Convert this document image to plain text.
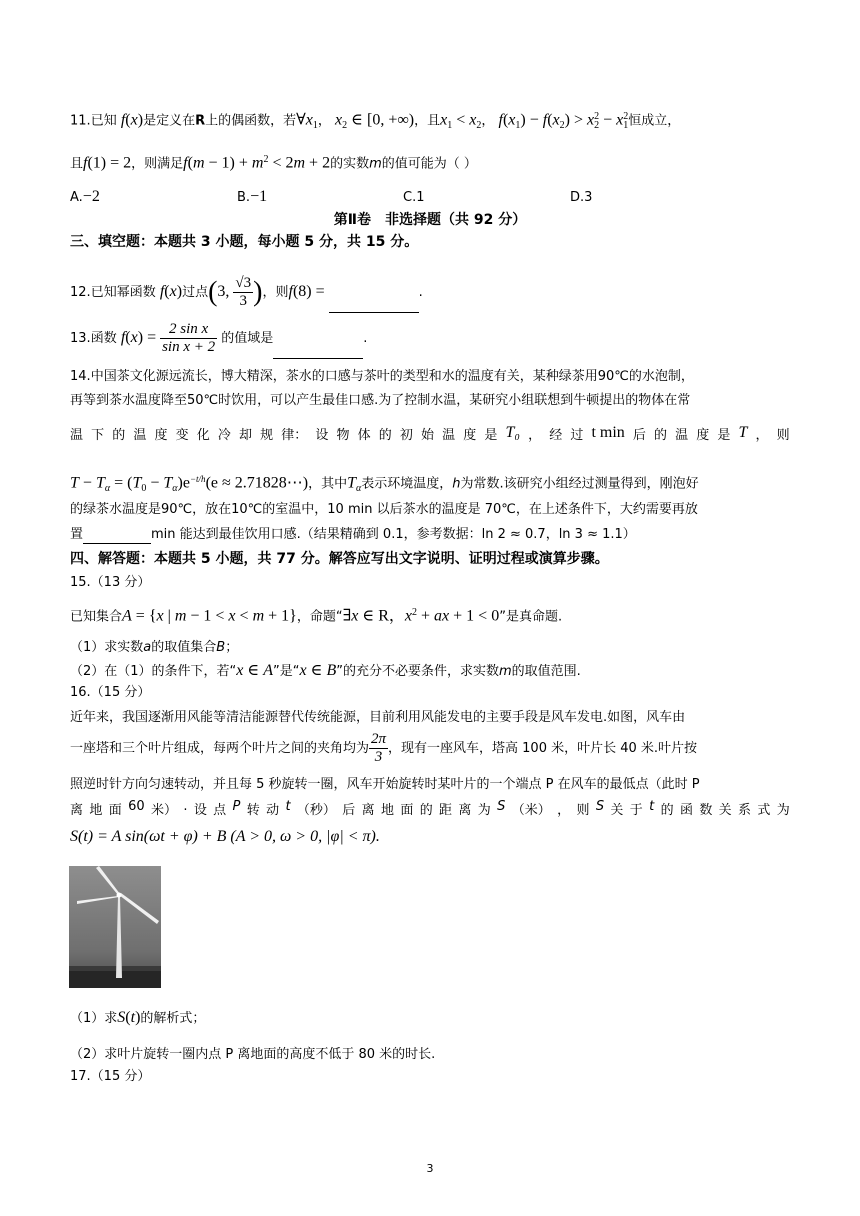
11.已知 f(x)是定义在R上的偶函数，若$\forall x_1$， $x_2$ ∈ [0, +∞)，且$x_1 < x_2$， $f(x_1) - f(x_2) > x^2_2 - x^2_1$恒成立，
且f(1) = 2，则满足$f(m - 1) + m^2 < 2m + 2$的实数m的值可能为（ ）
A.−2	B.−1	C.1	D.3
第Ⅱ卷　非选择题（共 92 分）
三、填空题：本题共 3 小题，每小题 5 分，共 15 分。
12.已知幂函数 f(x)过点(3, $\frac{√3}{3}$ )，则f(8) =	.
13.函数 $f(x) = \frac{\text{2 sin x}}{\text{sin x + 2}}$ 的值域是	.
14.中国茶文化源远流长，博大精深，茶水的口感与茶叶的类型和水的温度有关，某种绿茶用90℃的水泡制，
再等到茶水温度降至50℃时饮用，可以产生最佳口感.为了控制水温，某研究小组联想到牛顿提出的物体在常
温 下 的 温 度 变 化 冷 却 规 律： 设 物 体 的 初 始 温 度 是 T₀ ， 经 过 t min 后 的 温 度 是 T ， 则
$T - T_\alpha = (T_0 - T_\alpha)e^{-t/h}(e$ ≈ 2.71828⋯)，其中$T_\alpha$表示环境温度，h为常数.该研究小组经过测量得到，刚泡好
的绿茶水温度是90℃，放在10℃的室温中，10 min 以后茶水的温度是 70℃，在上述条件下，大约需要再放
置	min 能达到最佳饮用口感.（结果精确到 0.1，参考数据：ln 2 ≈ 0.7，ln 3 ≈ 1.1）
四、解答题：本题共 5 小题，共 77 分。解答应写出文字说明、证明过程或演算步骤。
15.（13 分）
已知集合A = {x | m − 1 < x < m + 1}，命题“∃x ∈ R，$x^2$ + ax + 1 < 0”是真命题.
（1）求实数a的取值集合B；
（2）在（1）的条件下，若“x ∈ A”是“x ∈ B”的充分不必要条件，求实数m的取值范围.
16.（15 分）
近年来，我国逐渐用风能等清洁能源替代传统能源，目前利用风能发电的主要手段是风车发电.如图，风车由
一座塔和三个叶片组成，每两个叶片之间的夹角均为 $\frac{2\pi}{3}$ ，现有一座风车，塔高 100 米，叶片长 40 米.叶片按
照逆时针方向匀速转动，并且每 5 秒旋转一圈，风车开始旋转时某叶片的一个端点 P 在风车的最低点（此时 P
离 地 面 60 米） . 设 点 P 转 动 t （秒） 后 离 地 面 的 距 离 为 S （米） ， 则 S 关 于 t 的 函 数 关 系 式 为
S(t) = A sin(ωt + φ) + B (A > 0, ω > 0, |φ| < π).
（1）求S(t)的解析式；
（2）求叶片旋转一圈内点 P 离地面的高度不低于 80 米的时长.
17.（15 分）
3
